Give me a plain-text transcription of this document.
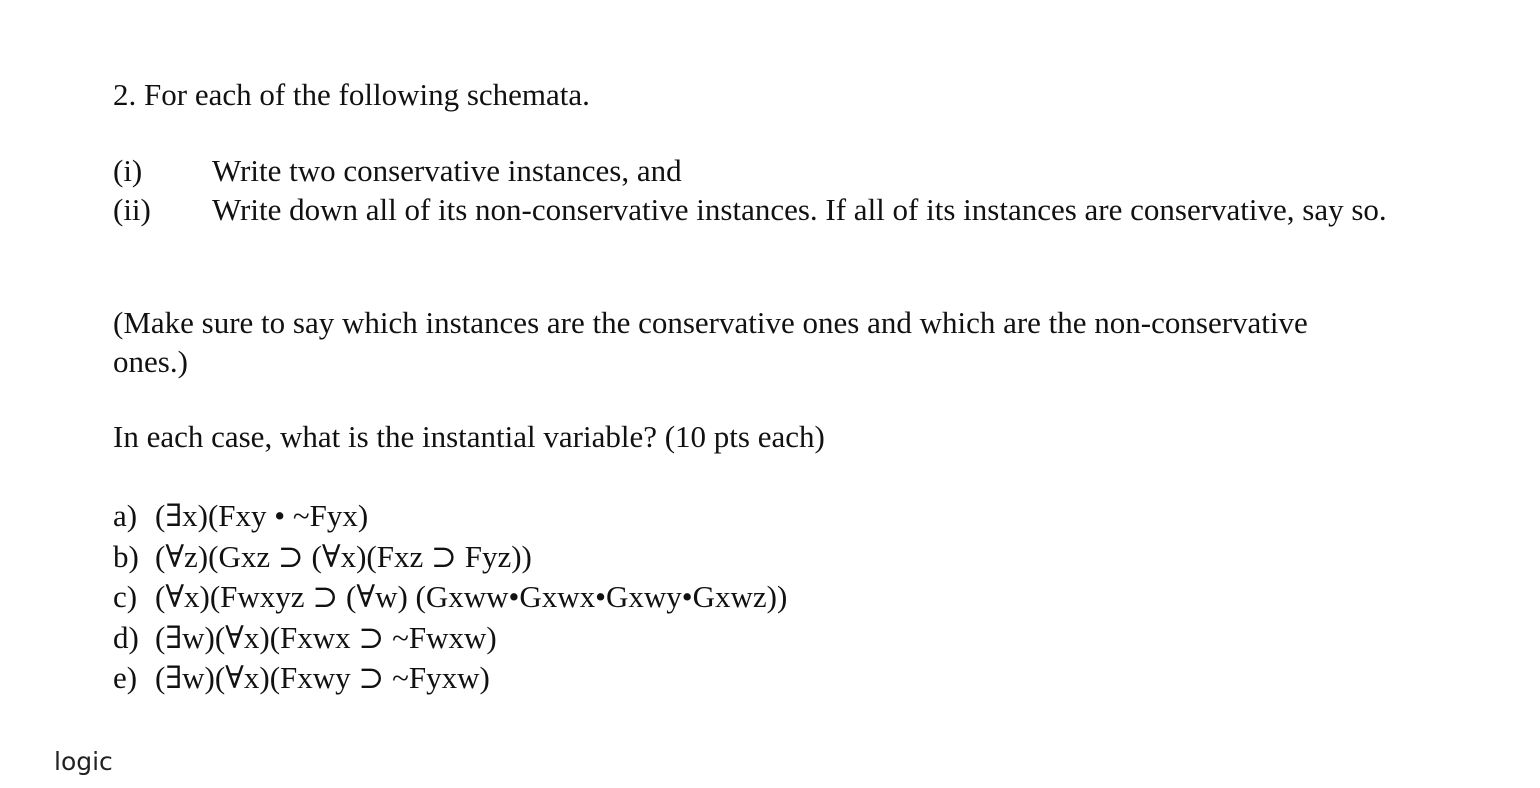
2. For each of the following schemata.
(i) Write two conservative instances, and
(ii) Write down all of its non-conservative instances. If all of its instances are conservative, say so.
(Make sure to say which instances are the conservative ones and which are the non-conservative ones.)
In each case, what is the instantial variable? (10 pts each)
a) (∃x)(Fxy • ~Fyx)
b) (∀z)(Gxz ⊃ (∀x)(Fxz ⊃ Fyz))
c) (∀x)(Fwxyz ⊃ (∀w) (Gxww•Gxwx•Gxwy•Gxwz))
d) (∃w)(∀x)(Fxwx ⊃ ~Fwxw)
e) (∃w)(∀x)(Fxwy ⊃ ~Fyxw)
logic
